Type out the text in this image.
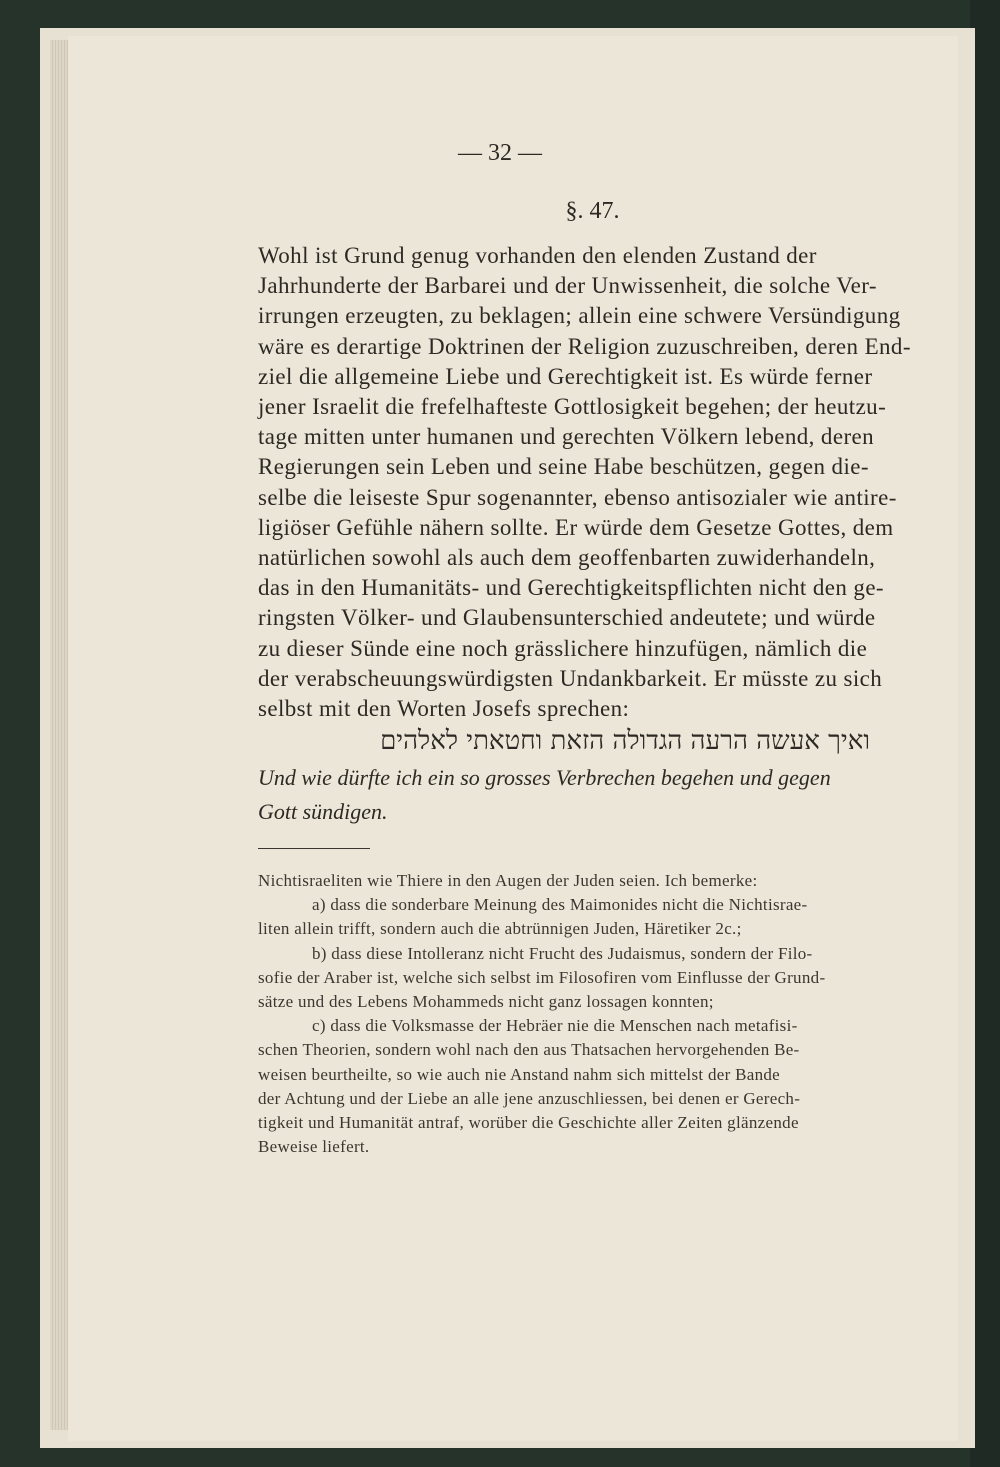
— 32 —
§. 47.
Wohl ist Grund genug vorhanden den elenden Zustand der
Jahrhunderte der Barbarei und der Unwissenheit, die solche Ver-
irrungen erzeugten, zu beklagen; allein eine schwere Versündigung
wäre es derartige Doktrinen der Religion zuzuschreiben, deren End-
ziel die allgemeine Liebe und Gerechtigkeit ist. Es würde ferner
jener Israelit die frefelhafteste Gottlosigkeit begehen; der heutzu-
tage mitten unter humanen und gerechten Völkern lebend, deren
Regierungen sein Leben und seine Habe beschützen, gegen die-
selbe die leiseste Spur sogenannter, ebenso antisozialer wie antire-
ligiöser Gefühle nähern sollte. Er würde dem Gesetze Gottes, dem
natürlichen sowohl als auch dem geoffenbarten zuwiderhandeln,
das in den Humanitäts- und Gerechtigkeitspflichten nicht den ge-
ringsten Völker- und Glaubensunterschied andeutete; und würde
zu dieser Sünde eine noch grässlichere hinzufügen, nämlich die
der verabscheuungswürdigsten Undankbarkeit. Er müsste zu sich
selbst mit den Worten Josefs sprechen:
ואיך אעשה הרעה הגדולה הזאת וחטאתי לאלהים
Und wie dürfte ich ein so grosses Verbrechen begehen und gegen
Gott sündigen.
Nichtisraeliten wie Thiere in den Augen der Juden seien. Ich bemerke:
a) dass die sonderbare Meinung des Maimonides nicht die Nichtisrae-
liten allein trifft, sondern auch die abtrünnigen Juden, Häretiker 2c.;
b) dass diese Intolleranz nicht Frucht des Judaismus, sondern der Filo-
sofie der Araber ist, welche sich selbst im Filosofiren vom Einflusse der Grund-
sätze und des Lebens Mohammeds nicht ganz lossagen konnten;
c) dass die Volksmasse der Hebräer nie die Menschen nach metafisi-
schen Theorien, sondern wohl nach den aus Thatsachen hervorgehenden Be-
weisen beurtheilte, so wie auch nie Anstand nahm sich mittelst der Bande
der Achtung und der Liebe an alle jene anzuschliessen, bei denen er Gerech-
tigkeit und Humanität antraf, worüber die Geschichte aller Zeiten glänzende
Beweise liefert.
